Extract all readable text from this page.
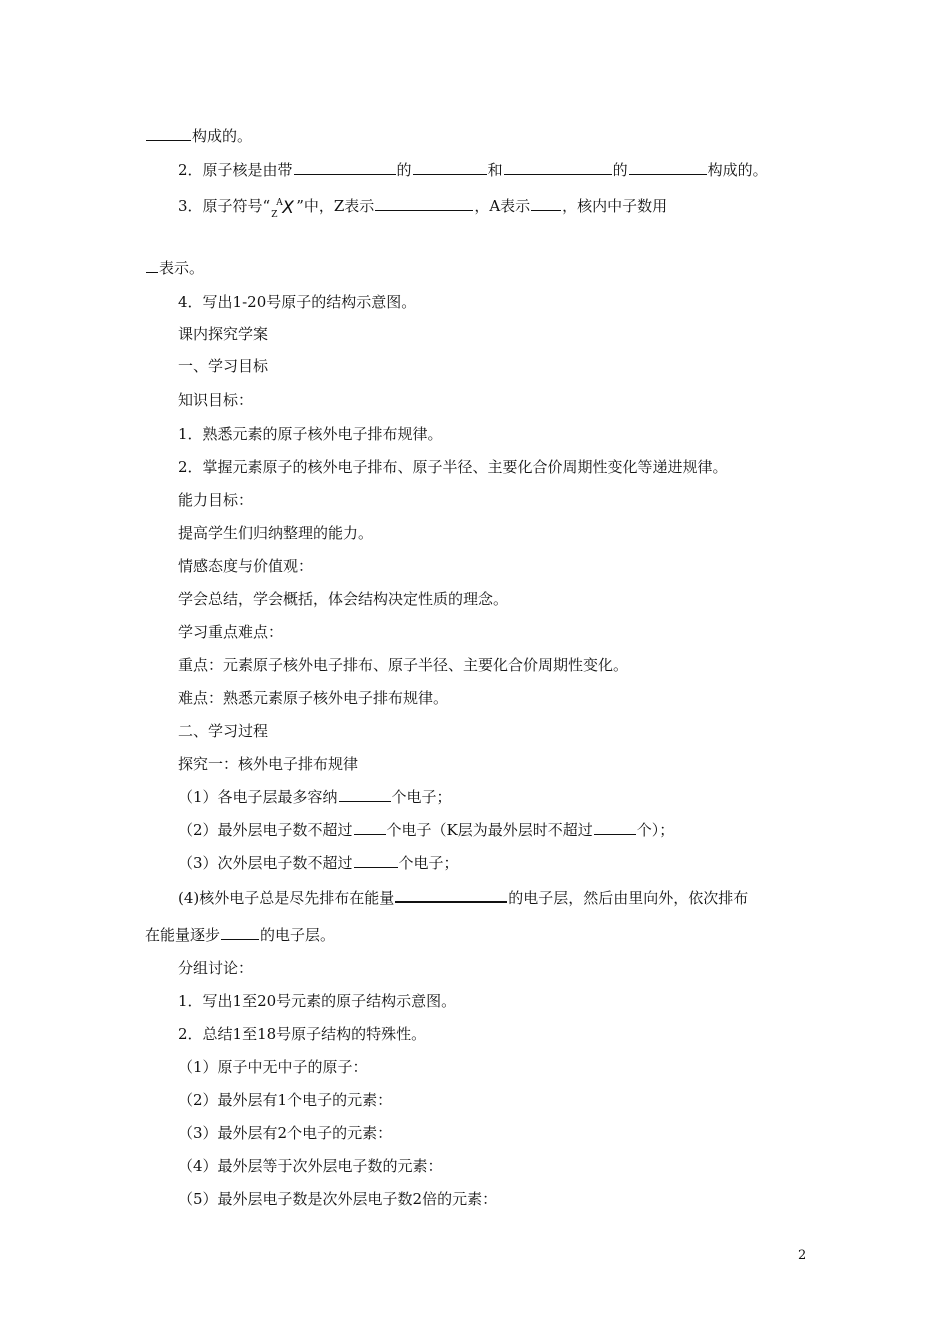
构成的。
2．原子核是由带	的	和	的	构成的。
3．原子符号“ A
Z X ”中，Z表示	，A表示 ，核内中子数用
表示。
4．写出1-20号原子的结构示意图。
课内探究学案
一、学习目标
知识目标：
1．熟悉元素的原子核外电子排布规律。
2．掌握元素原子的核外电子排布、原子半径、主要化合价周期性变化等递进规律。
能力目标：
提高学生们归纳整理的能力。
情感态度与价值观：
学会总结，学会概括，体会结构决定性质的理念。
学习重点难点：
重点：元素原子核外电子排布、原子半径、主要化合价周期性变化。
难点：熟悉元素原子核外电子排布规律。
二、学习过程
探究一：核外电子排布规律
（1）各电子层最多容纳	个电子；
（2）最外层电子数不超过 个电子（K层为最外层时不超过	个）；
（3）次外层电子数不超过	个电子；
(4)核外电子总是尽先排布在能量	的电子层，然后由里向外，依次排布
在能量逐步	的电子层。
分组讨论：
1．写出1至20号元素的原子结构示意图。
2．总结1至18号原子结构的特殊性。
（1）原子中无中子的原子：
（2）最外层有1个电子的元素：
（3）最外层有2个电子的元素：
（4）最外层等于次外层电子数的元素：
（5）最外层电子数是次外层电子数2倍的元素：
2
